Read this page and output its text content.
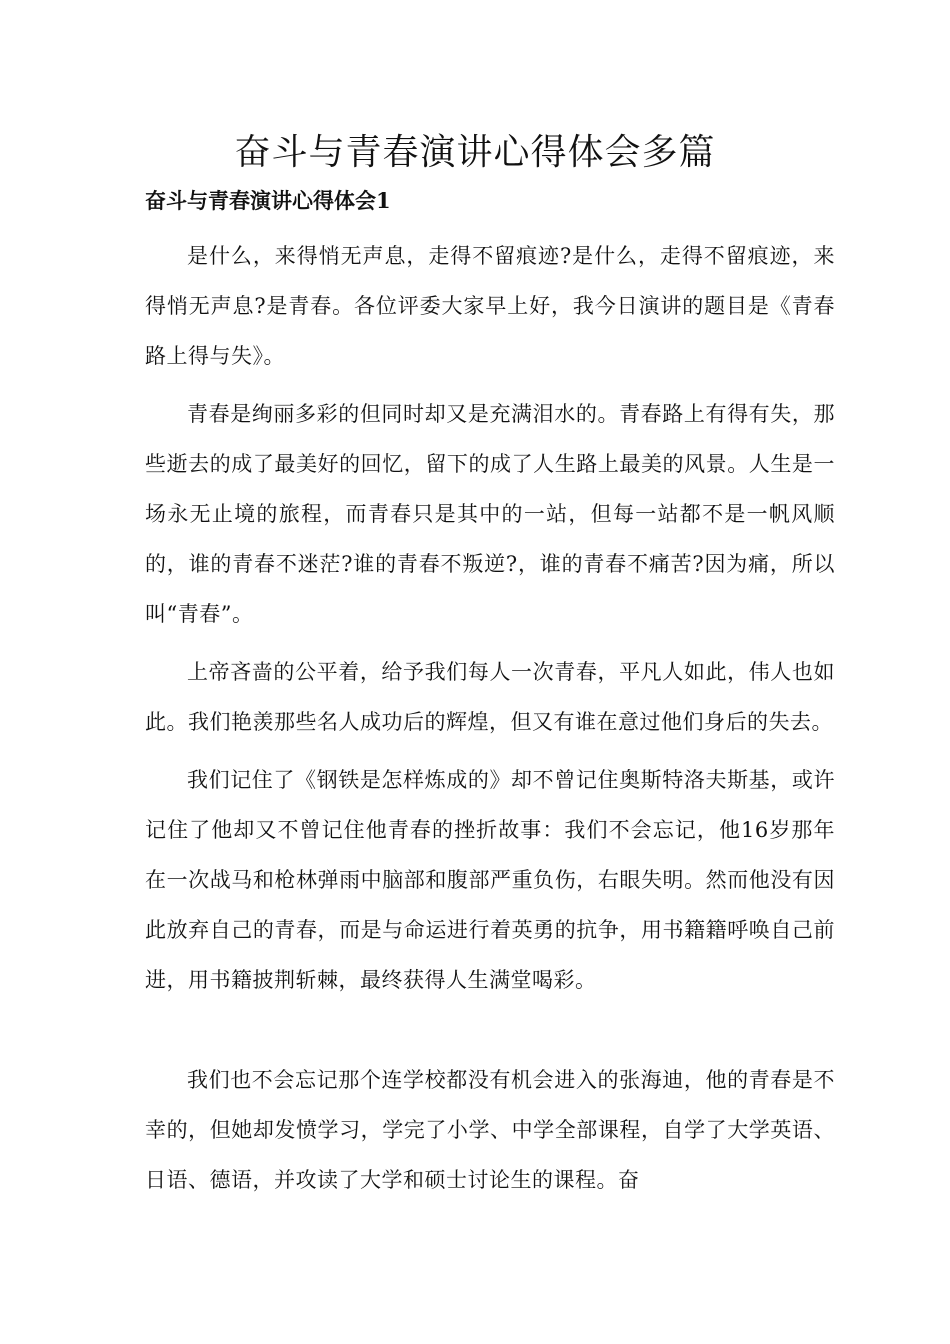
奋斗与青春演讲心得体会多篇
奋斗与青春演讲心得体会1

是什么，来得悄无声息，走得不留痕迹?是什么，走得不留痕迹，来得悄无声息?是青春。各位评委大家早上好，我今日演讲的题目是《青春路上得与失》。

青春是绚丽多彩的但同时却又是充满泪水的。青春路上有得有失，那些逝去的成了最美好的回忆，留下的成了人生路上最美的风景。人生是一场永无止境的旅程，而青春只是其中的一站，但每一站都不是一帆风顺的，谁的青春不迷茫?谁的青春不叛逆?，谁的青春不痛苦?因为痛，所以叫“青春”。

上帝吝啬的公平着，给予我们每人一次青春，平凡人如此，伟人也如此。我们艳羡那些名人成功后的辉煌，但又有谁在意过他们身后的失去。

我们记住了《钢铁是怎样炼成的》却不曾记住奥斯特洛夫斯基，或许记住了他却又不曾记住他青春的挫折故事：我们不会忘记，他16岁那年在一次战马和枪林弹雨中脑部和腹部严重负伤，右眼失明。然而他没有因此放弃自己的青春，而是与命运进行着英勇的抗争，用书籍籍呼唤自己前进，用书籍披荆斩棘，最终获得人生满堂喝彩。

我们也不会忘记那个连学校都没有机会进入的张海迪，他的青春是不幸的，但她却发愤学习，学完了小学、中学全部课程，自学了大学英语、日语、德语，并攻读了大学和硕士讨论生的课程。奋
